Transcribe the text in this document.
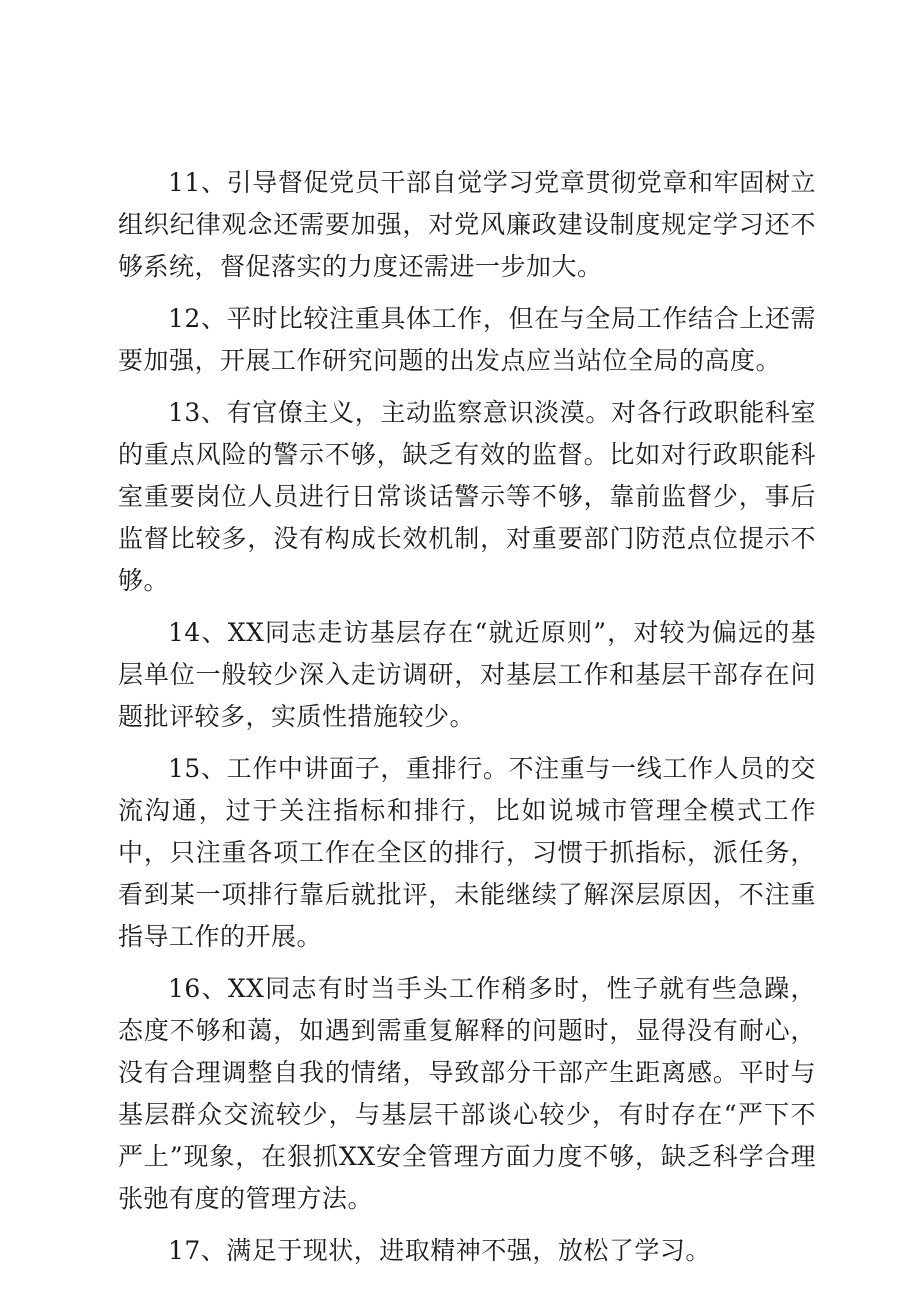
11、引导督促党员干部自觉学习党章贯彻党章和牢固树立组织纪律观念还需要加强，对党风廉政建设制度规定学习还不够系统，督促落实的力度还需进一步加大。

12、平时比较注重具体工作，但在与全局工作结合上还需要加强，开展工作研究问题的出发点应当站位全局的高度。

13、有官僚主义，主动监察意识淡漠。对各行政职能科室的重点风险的警示不够，缺乏有效的监督。比如对行政职能科室重要岗位人员进行日常谈话警示等不够，靠前监督少，事后监督比较多，没有构成长效机制，对重要部门防范点位提示不够。

14、XX同志走访基层存在“就近原则”，对较为偏远的基层单位一般较少深入走访调研，对基层工作和基层干部存在问题批评较多，实质性措施较少。

15、工作中讲面子，重排行。不注重与一线工作人员的交流沟通，过于关注指标和排行，比如说城市管理全模式工作中，只注重各项工作在全区的排行，习惯于抓指标，派任务，看到某一项排行靠后就批评，未能继续了解深层原因，不注重指导工作的开展。

16、XX同志有时当手头工作稍多时，性子就有些急躁，态度不够和蔼，如遇到需重复解释的问题时，显得没有耐心，没有合理调整自我的情绪，导致部分干部产生距离感。平时与基层群众交流较少，与基层干部谈心较少，有时存在“严下不严上”现象，在狠抓XX安全管理方面力度不够，缺乏科学合理张弛有度的管理方法。

17、满足于现状，进取精神不强，放松了学习。
